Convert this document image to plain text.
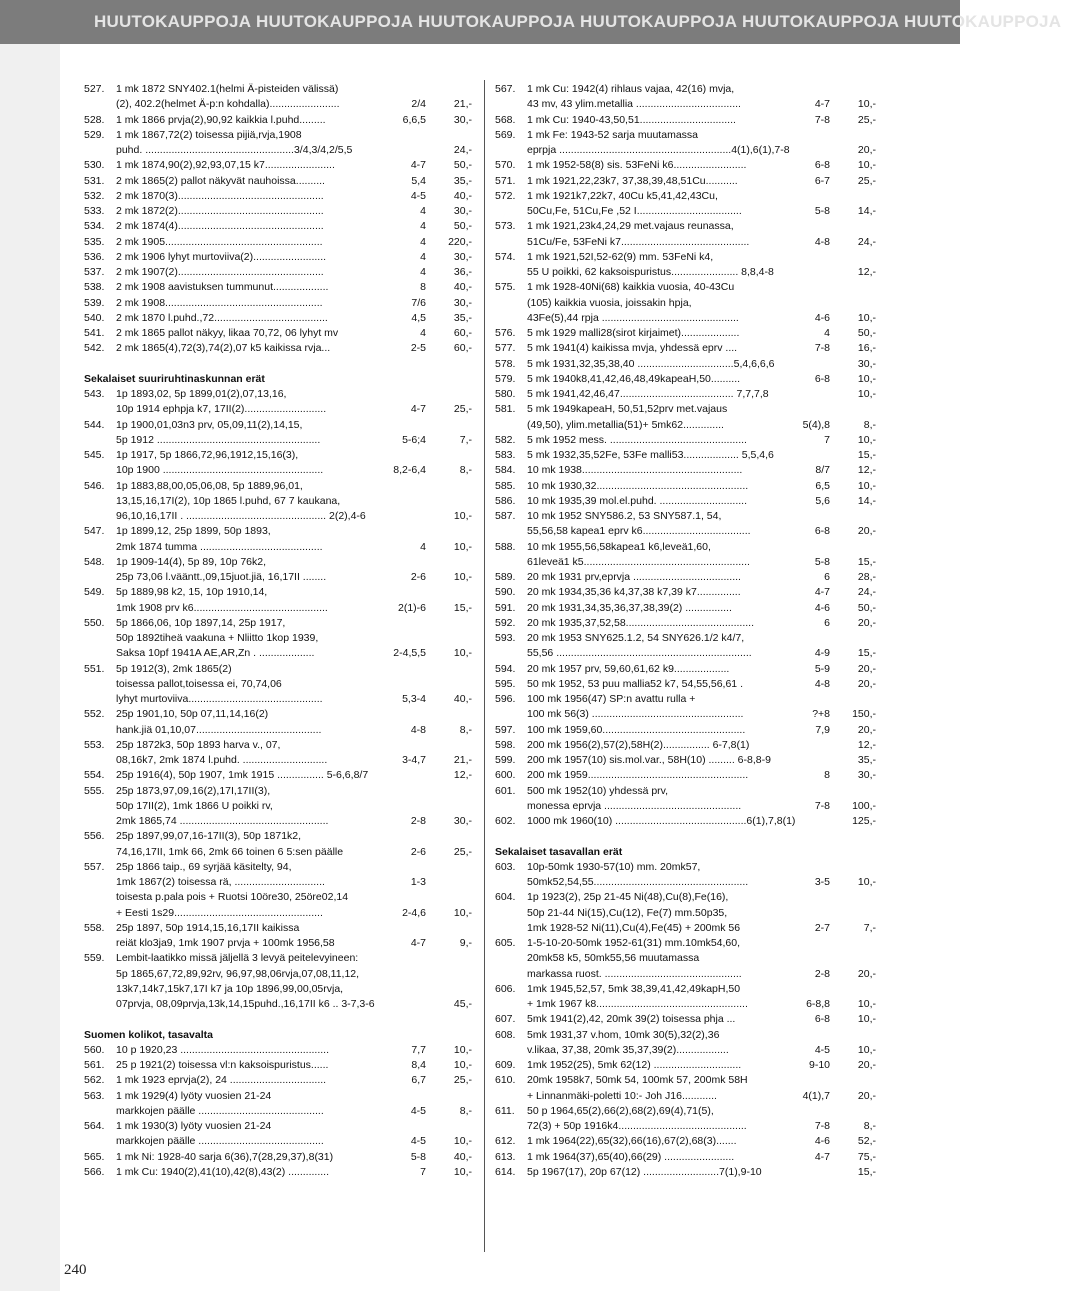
HUUTOKAUPPOJA HUUTOKAUPPOJA HUUTOKAUPPOJA HUUTOKAUPPOJA HUUTOKAUPPOJA HUUTOKAUPPOJA
527.	1 mk 1872 SNY402.1(helmi Ä-pisteiden välissä)
(2), 402.2(helmet Ä-p:n kohdalla)........................	2/4	21,-
528.	1 mk 1866 prvja(2),90,92 kaikkia l.puhd.........	6,6,5	30,-
529.	1 mk 1867,72(2) toisessa pijiä,rvja,1908
puhd. ...................................................3/4,3/4,2/5,5	24,-
530.	1 mk 1874,90(2),92,93,07,15 k7........................	4-7	50,-
531.	2 mk 1865(2) pallot näkyvät nauhoissa..........	5,4	35,-
532.	2 mk 1870(3)..................................................	4-5	40,-
533.	2 mk 1872(2)..................................................	4	30,-
534.	2 mk 1874(4)..................................................	4	50,-
535.	2 mk 1905......................................................	4 220,-
536.	2 mk 1906 lyhyt murtoviiva(2).........................	4	30,-
537.	2 mk 1907(2)..................................................	4	36,-
538.	2 mk 1908 aavistuksen tummunut...................	8	40,-
539.	2 mk 1908......................................................	7/6	30,-
540.	2 mk 1870 l.puhd.,72.......................................	4,5	35,-
541.	2 mk 1865 pallot näkyy, likaa 70,72, 06 lyhyt mv	4	60,-
542.	2 mk 1865(4),72(3),74(2),07 k5 kaikissa rvja...	2-5	60,-
Sekalaiset suuriruhtinaskunnan erät
543.	1p 1893,02, 5p 1899,01(2),07,13,16,
10p 1914 ephpja k7, 17II(2)............................	4-7	25,-
544.	1p 1900,01,03n3 prv, 05,09,11(2),14,15,
5p 1912 ........................................................	5-6;4	7,-
545.	1p 1917, 5p 1866,72,96,1912,15,16(3),
10p 1900 .......................................................	8,2-6,4	8,-
546.	1p 1883,88,00,05,06,08, 5p 1889,96,01,
13,15,16,17I(2), 10p 1865 l.puhd, 67 7 kaukana,
96,10,16,17II . ................................................ 2(2),4-6	10,-
547.	1p 1899,12, 25p 1899, 50p 1893,
2mk 1874 tumma ..........................................	4	10,-
548.	1p 1909-14(4), 5p 89, 10p 76k2,
25p 73,06 l.vääntt.,09,15juot.jiä, 16,17II ........	2-6	10,-
549.	5p 1889,98 k2, 15, 10p 1910,14,
1mk 1908 prv k6..............................................	2(1)-6	15,-
550.	5p 1866,06, 10p 1897,14, 25p 1917,
50p 1892tiheä vaakuna + Nliitto 1kop 1939,
Saksa 10pf 1941A AE,AR,Zn . ...................	2-4,5,5	10,-
551.	5p 1912(3), 2mk 1865(2)
toisessa pallot,toisessa ei, 70,74,06
lyhyt murtoviiva..............................................	5,3-4	40,-
552.	25p 1901,10, 50p 07,11,14,16(2)
hank.jiä 01,10,07...........................................	4-8	8,-
553.	25p 1872k3, 50p 1893 harva v., 07,
08,16k7, 2mk 1874 l.puhd. .............................	3-4,7	21,-
554.	25p 1916(4), 50p 1907, 1mk 1915 ................ 5-6,6,8/7	12,-
555.	25p 1873,97,09,16(2),17I,17II(3),
50p 17II(2), 1mk 1866 U poikki rv,
2mk 1865,74 ...................................................	2-8	30,-
556.	25p 1897,99,07,16-17II(3), 50p 1871k2,
74,16,17II, 1mk 66, 2mk 66 toinen 6 5:sen päälle	2-6	25,-
557.	25p 1866 taip., 69 syrjää käsitelty, 94,
1mk 1867(2) toisessa rä, ...............................	1-3
toisesta p.pala pois + Ruotsi 10öre30, 25öre02,14
+ Eesti 1s29...................................................	2-4,6	10,-
558.	25p 1897, 50p 1914,15,16,17II kaikissa
reiät klo3ja9, 1mk 1907 prvja + 100mk 1956,58	4-7	9,-
559.	Lembit-laatikko missä jäljellä 3 levyä peitelevyineen:
5p 1865,67,72,89,92rv, 96,97,98,06rvja,07,08,11,12,
13k7,14k7,15k7,17I k7 ja 10p 1896,99,00,05rvja,
07prvja, 08,09prvja,13k,14,15puhd.,16,17II k6 .. 3-7,3-6	45,-
Suomen kolikot, tasavalta
560.	10 p 1920,23 ...................................................	7,7	10,-
561.	25 p 1921(2) toisessa vl:n kaksoispuristus......	8,4	10,-
562.	1 mk 1923 eprvja(2), 24 .................................	6,7	25,-
563.	1 mk 1929(4) lyöty vuosien 21-24
markkojen päälle ...........................................	4-5	8,-
564.	1 mk 1930(3) lyöty vuosien 21-24
markkojen päälle ...........................................	4-5	10,-
565.	1 mk Ni: 1928-40 sarja 6(36),7(28,29,37),8(31)	5-8	40,-
566.	1 mk Cu: 1940(2),41(10),42(8),43(2) ..............	7	10,-
567.	1 mk Cu: 1942(4) rihlaus vajaa, 42(16) mvja,
43 mv, 43 ylim.metallia ....................................	4-7	10,-
568.	1 mk Cu: 1940-43,50,51.................................	7-8	25,-
569.	1 mk Fe: 1943-52 sarja muutamassa
eprpja ...........................................................4(1),6(1),7-8	20,-
570.	1 mk 1952-58(8) sis. 53FeNi k6.........................	6-8	10,-
571.	1 mk 1921,22,23k7, 37,38,39,48,51Cu...........	6-7	25,-
572.	1 mk 1921k7,22k7, 40Cu k5,41,42,43Cu,
50Cu,Fe, 51Cu,Fe ,52 I....................................	5-8	14,-
573.	1 mk 1921,23k4,24,29 met.vajaus reunassa,
51Cu/Fe, 53FeNi k7............................................	4-8	24,-
574.	1 mk 1921,52I,52-62(9) mm. 53FeNi k4,
55 U poikki, 62 kaksoispuristus....................... 8,8,4-8	12,-
575.	1 mk 1928-40Ni(68) kaikkia vuosia, 40-43Cu
(105) kaikkia vuosia, joissakin hpja,
43Fe(5),44 rpja ...............................................	4-6	10,-
576.	5 mk 1929 malli28(sirot kirjaimet)....................	4	50,-
577.	5 mk 1941(4) kaikissa mvja, yhdessä eprv ....	7-8	16,-
578.	5 mk 1931,32,35,38,40 .................................5,4,6,6,6	30,-
579.	5 mk 1940k8,41,42,46,48,49kapeaH,50..........	6-8	10,-
580.	5 mk 1941,42,46,47....................................... 7,7,7,8	10,-
581.	5 mk 1949kapeaH, 50,51,52prv met.vajaus
(49,50), ylim.metallia(51)+ 5mk62..............	5(4),8	8,-
582.	5 mk 1952 mess. ...............................................	7	10,-
583.	5 mk 1932,35,52Fe, 53Fe malli53................... 5,5,4,6	15,-
584.	10 mk 1938.......................................................	8/7	12,-
585.	10 mk 1930,32....................................................	6,5	10,-
586.	10 mk 1935,39 mol.el.puhd. ..............................	5,6	14,-
587.	10 mk 1952 SNY586.2, 53 SNY587.1, 54,
55,56,58 kapea1 eprv k6.....................................	6-8	20,-
588.	10 mk 1955,56,58kapea1 k6,leveä1,60,
61leveä1 k5.........................................................	5-8	15,-
589.	20 mk 1931 prv,eprvja .....................................	6	28,-
590.	20 mk 1934,35,36 k4,37,38 k7,39 k7...............	4-7	24,-
591.	20 mk 1931,34,35,36,37,38,39(2) ................	4-6	50,-
592.	20 mk 1935,37,52,58............................................	6	20,-
593.	20 mk 1953 SNY625.1.2, 54 SNY626.1/2 k4/7,
55,56 ...................................................................	4-9	15,-
594.	20 mk 1957 prv, 59,60,61,62 k9...................	5-9	20,-
595.	50 mk 1952, 53 puu mallia52 k7, 54,55,56,61 .	4-8	20,-
596.	100 mk 1956(47) SP:n avattu rulla +
100 mk 56(3) ....................................................	?+8 150,-
597.	100 mk 1959,60.................................................	7,9	20,-
598.	200 mk 1956(2),57(2),58H(2)................ 6-7,8(1)	12,-
599.	200 mk 1957(10) sis.mol.var., 58H(10) ......... 6-8,8-9	35,-
600.	200 mk 1959.......................................................	8	30,-
601.	500 mk 1952(10) yhdessä prv,
monessa eprvja ...............................................	7-8 100,-
602.	1000 mk 1960(10) .............................................6(1),7,8(1)	125,-
Sekalaiset tasavallan erät
603.	10p-50mk 1930-57(10) mm. 20mk57,
50mk52,54,55.....................................................	3-5	10,-
604.	1p 1923(2), 25p 21-45 Ni(48),Cu(8),Fe(16),
50p 21-44 Ni(15),Cu(12), Fe(7) mm.50p35,
1mk 1928-52 Ni(11),Cu(4),Fe(45) + 200mk 56	2-7	7,-
605.	1-5-10-20-50mk 1952-61(31) mm.10mk54,60,
20mk58 k5, 50mk55,56 muutamassa
markassa ruost. ...............................................	2-8	20,-
606.	1mk 1945,52,57, 5mk 38,39,41,42,49kapH,50
+ 1mk 1967 k8....................................................	6-8,8	10,-
607.	5mk 1941(2),42, 20mk 39(2) toisessa phja ...	6-8	10,-
608.	5mk 1931,37 v.hom, 10mk 30(5),32(2),36
v.likaa, 37,38, 20mk 35,37,39(2)..................	4-5	10,-
609.	1mk 1952(25), 5mk 62(12) ..............................	9-10	20,-
610.	20mk 1958k7, 50mk 54, 100mk 57, 200mk 58H
+ Linnanmäki-poletti 10:- Joh J16............	4(1),7	20,-
611.	50 p 1964,65(2),66(2),68(2),69(4),71(5),
72(3) + 50p 1916k4............................................	7-8	8,-
612.	1 mk 1964(22),65(32),66(16),67(2),68(3).......	4-6	52,-
613.	1 mk 1964(37),65(40),66(29) ........................	4-7	75,-
614.	5p 1967(17), 20p 67(12) ..........................7(1),9-10	15,-
240
